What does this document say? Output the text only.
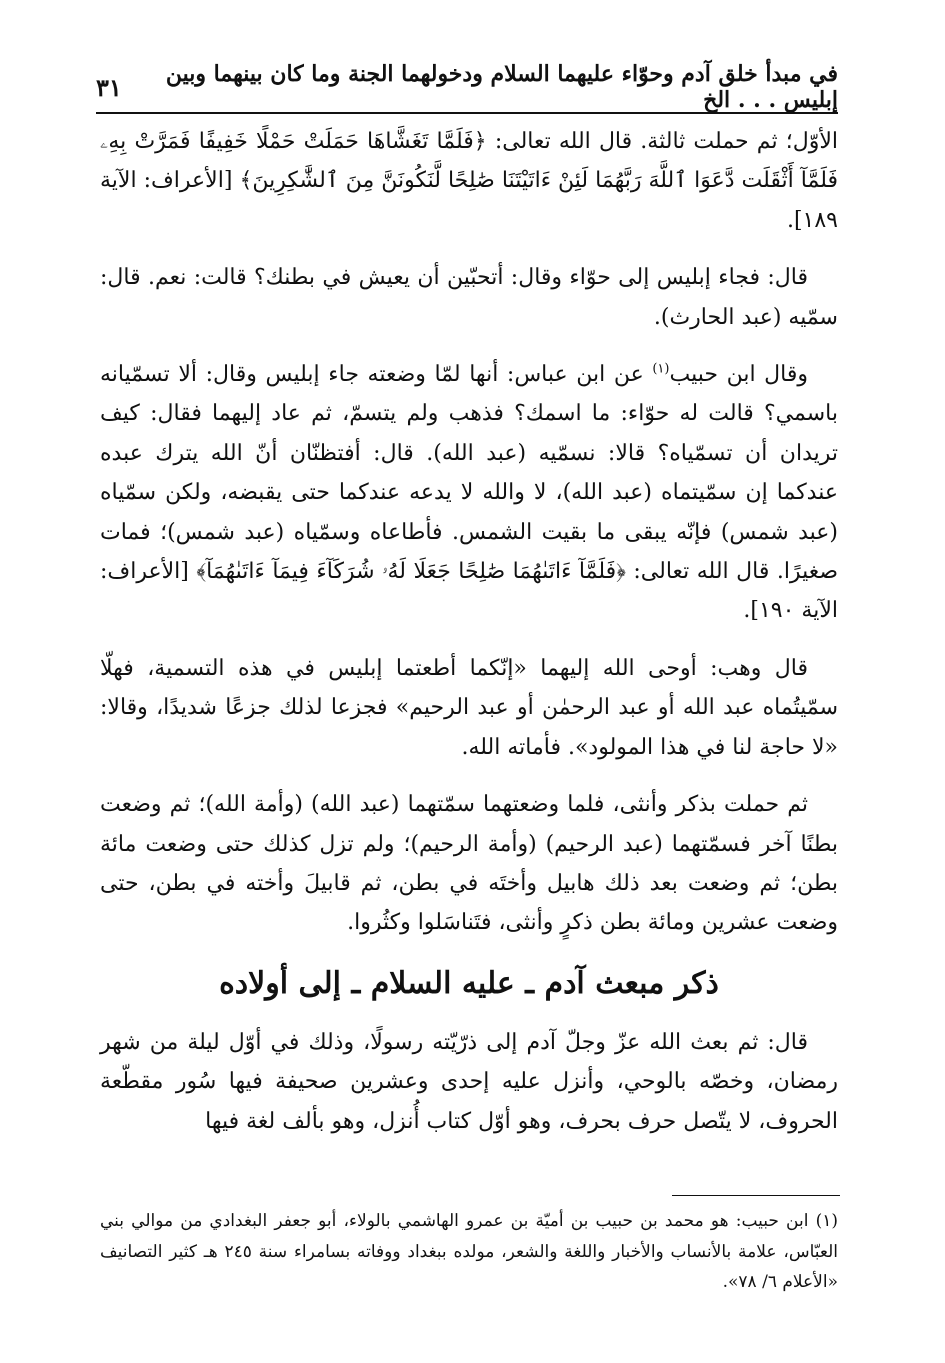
في مبدأ خلق آدم وحوّاء عليهما السلام ودخولهما الجنة وما كان بينهما وبين إبليس . . . الخ
٣١

الأوّل؛ ثم حملت ثالثة. قال الله تعالى: ﴿فَلَمَّا تَغَشَّاهَا حَمَلَتْ حَمْلًا خَفِيفًا فَمَرَّتْ بِهِۦ فَلَمَّآ أَثْقَلَت دَّعَوَا ٱللَّهَ رَبَّهُمَا لَئِنْ ءَاتَيْتَنَا صَٰلِحًا لَّنَكُونَنَّ مِنَ ٱلشَّٰكِرِينَ﴾ [الأعراف: الآية ١٨٩].

قال: فجاء إبليس إلى حوّاء وقال: أتحبّين أن يعيش في بطنك؟ قالت: نعم. قال: سمّيه (عبد الحارث).

وقال ابن حبيب$^{(١)}$ عن ابن عباس: أنها لمّا وضعته جاء إبليس وقال: ألا تسمّيانه باسمي؟ قالت له حوّاء: ما اسمك؟ فذهب ولم يتسمّ، ثم عاد إليهما فقال: كيف تريدان أن تسمّياه؟ قالا: نسمّيه (عبد الله). قال: أفتظنّان أنّ الله يترك عبده عندكما إن سمّيتماه (عبد الله)، لا والله لا يدعه عندكما حتى يقبضه، ولكن سمّياه (عبد شمس) فإنّه يبقى ما بقيت الشمس. فأطاعاه وسمّياه (عبد شمس)؛ فمات صغيرًا. قال الله تعالى: ﴿فَلَمَّآ ءَاتَىٰهُمَا صَٰلِحًا جَعَلَا لَهُۥ شُرَكَآءَ فِيمَآ ءَاتَىٰهُمَآ﴾ [الأعراف: الآية ١٩٠].

قال وهب: أوحى الله إليهما «إنّكما أطعتما إبليس في هذه التسمية، فهلّا سمّيتُماه عبد الله أو عبد الرحمٰن أو عبد الرحيم» فجزعا لذلك جزعًا شديدًا، وقالا: «لا حاجة لنا في هذا المولود». فأماته الله.

ثم حملت بذكر وأنثى، فلما وضعتهما سمّتهما (عبد الله) (وأمة الله)؛ ثم وضعت بطنًا آخر فسمّتهما (عبد الرحيم) (وأمة الرحيم)؛ ولم تزل كذلك حتى وضعت مائة بطن؛ ثم وضعت بعد ذلك هابيل وأختَه في بطن، ثم قابيلَ وأخته في بطن، حتى وضعت عشرين ومائة بطن ذكرٍ وأنثى، فتَناسَلوا وكثُروا.

ذكر مبعث آدم ـ عليه السلام ـ إلى أولاده

قال: ثم بعث الله عزّ وجلّ آدم إلى ذرّيّته رسولًا، وذلك في أوّل ليلة من شهر رمضان، وخصّه بالوحي، وأنزل عليه إحدى وعشرين صحيفة فيها سُور مقطّعة الحروف، لا يتّصل حرف بحرف، وهو أوّل كتاب أُنزل، وهو بألف لغة فيها

(١) ابن حبيب: هو محمد بن حبيب بن أميّة بن عمرو الهاشمي بالولاء، أبو جعفر البغدادي من موالي بني العبّاس، علامة بالأنساب والأخبار واللغة والشعر، مولده ببغداد ووفاته بسامراء سنة ٢٤٥ هـ كثير التصانيف «الأعلام ٦/ ٧٨».
